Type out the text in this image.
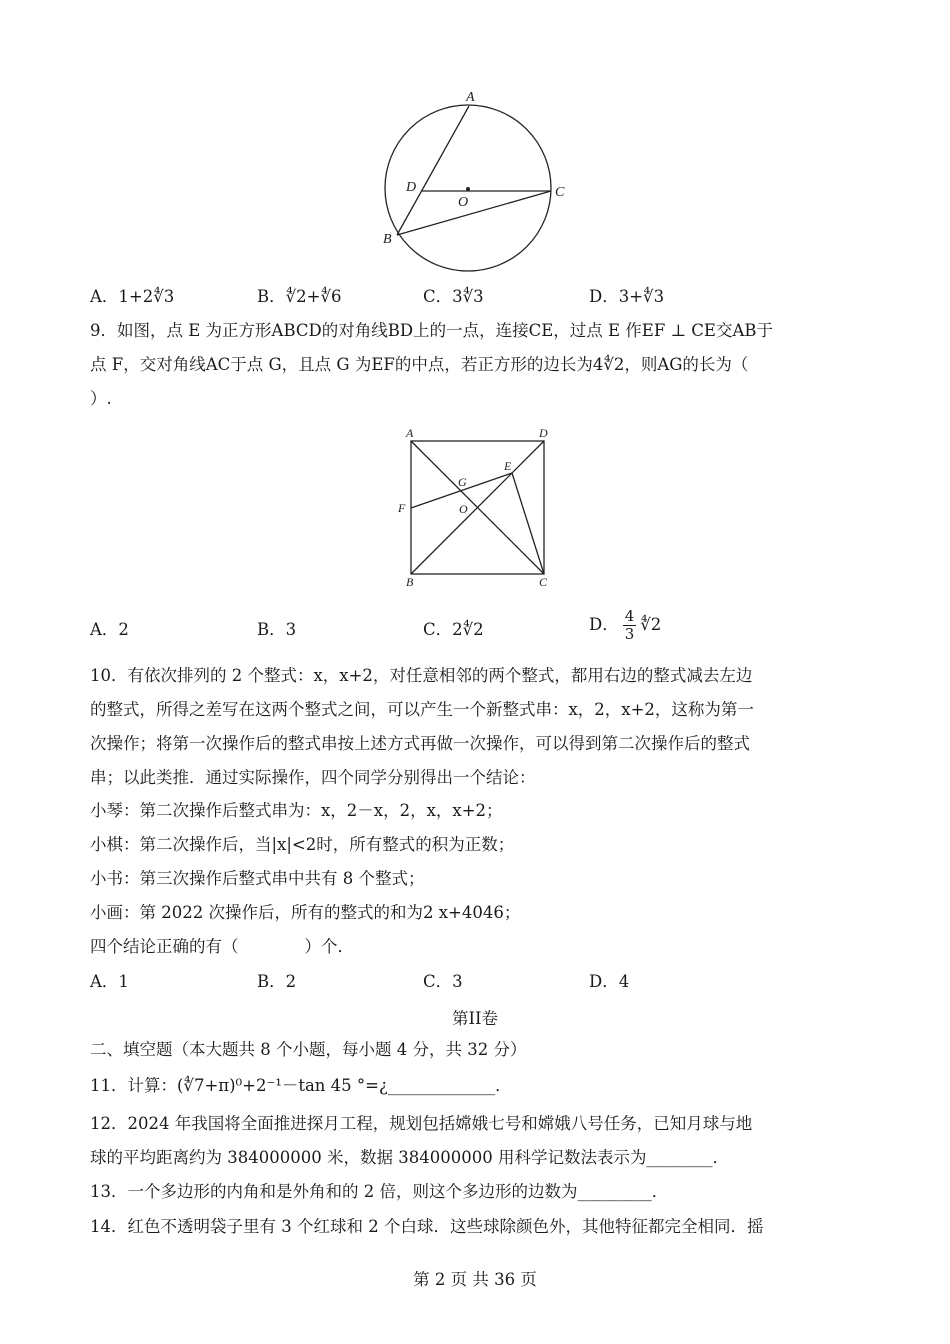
A
D
O
C
B
A．1+2∜3	B．∜2+∜6	C．3∜3	D．3+∜3
9．如图，点 E 为正方形ABCD的对角线BD上的一点，连接CE，过点 E 作EF ⊥ CE交AB于
点 F，交对角线AC于点 G，且点 G 为EF的中点，若正方形的边长为4∜2，则AG的长为（
）.
A	D
E
G
F	O
B	C
A．2	B．3	C．2∜2	D． $\frac{4}{3}$ ∜2
10．有依次排列的 2 个整式：x，x+2，对任意相邻的两个整式，都用右边的整式减去左边
的整式，所得之差写在这两个整式之间，可以产生一个新整式串：x，2，x+2，这称为第一
次操作；将第一次操作后的整式串按上述方式再做一次操作，可以得到第二次操作后的整式
串；以此类推．通过实际操作，四个同学分别得出一个结论：
小琴：第二次操作后整式串为：x，2－x，2，x，x+2；
小棋：第二次操作后，当|x|<2时，所有整式的积为正数；
小书：第三次操作后整式串中共有 8 个整式；
小画：第 2022 次操作后，所有的整式的和为2 x+4046；
四个结论正确的有（　　　　）个．
A．1	B．2	C．3	D．4
第II卷
二、填空题（本大题共 8 个小题，每小题 4 分，共 32 分）
11．计算：(∜7+π)⁰+2⁻¹－tan 45 °=¿_____________．
12．2024 年我国将全面推进探月工程，规划包括嫦娥七号和嫦娥八号任务，已知月球与地
球的平均距离约为 384000000 米，数据 384000000 用科学记数法表示为________．
13．一个多边形的内角和是外角和的 2 倍，则这个多边形的边数为_________．
14．红色不透明袋子里有 3 个红球和 2 个白球．这些球除颜色外，其他特征都完全相同．摇
第 2 页 共 36 页
